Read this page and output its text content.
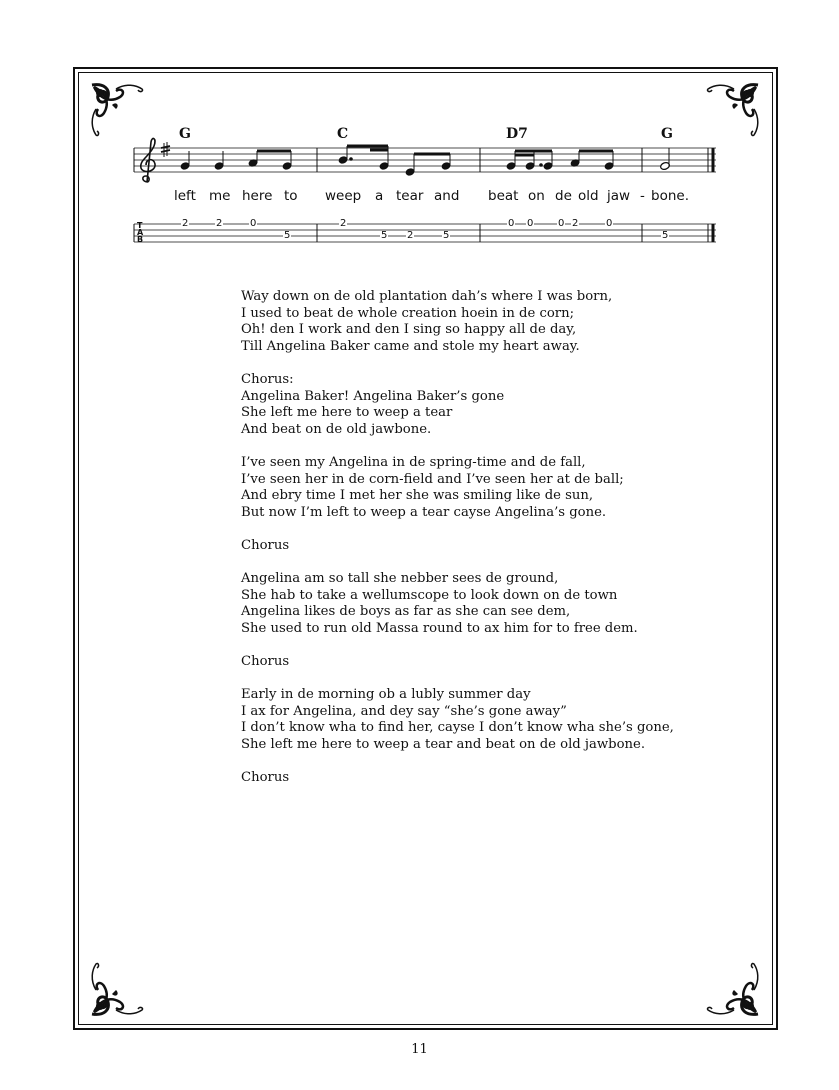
G	C	D7	G
T
A
B
2	2	0
5
2
5 2	5
0 0 0 2	0
5
left me here to weep a tear and beat on de old jaw - bone.

Way down on de old plantation dah’s where I was born,

I used to beat de whole creation hoein in de corn;

Oh! den I work and den I sing so happy all de day,

Till Angelina Baker came and stole my heart away.

Chorus:

Angelina Baker! Angelina Baker’s gone

She left me here to weep a tear

And beat on de old jawbone.

I’ve seen my Angelina in de spring-time and de fall,

I’ve seen her in de corn-field and I’ve seen her at de ball;

And ebry time I met her she was smiling like de sun,

But now I’m left to weep a tear cayse Angelina’s gone.

Chorus

Angelina am so tall she nebber sees de ground,

She hab to take a wellumscope to look down on de town

Angelina likes de boys as far as she can see dem,

She used to run old Massa round to ax him for to free dem.

Chorus

Early in de morning ob a lubly summer day

I ax for Angelina, and dey say “she’s gone away”

I don’t know wha to find her, cayse I don’t know wha she’s gone,

She left me here to weep a tear and beat on de old jawbone.

Chorus

11
